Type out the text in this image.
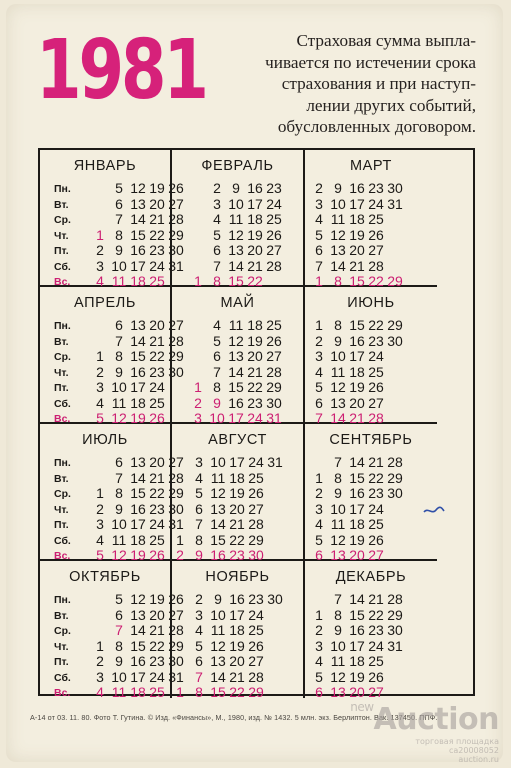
1981	Страховая сумма выпла-
чивается по истечении срока
страхования и при наступ-
лении других событий,
обусловленных договором.
ЯНВАРЬ
Пн.
Вт.
Ср.
Чт.
Пт.
Сб.
Вс.
5 12 19 26
6 13 20 27
7 14 21 28
1 8 15 22 29
2 9 16 23 30
3 10 17 24 31
4 11 18 25
ФЕВРАЛЬ
2 9 16 23
3 10 17 24
4 11 18 25
5 12 19 26
6 13 20 27
7 14 21 28
1 8 15 22
МАРТ
2 9 16 23 30
3 10 17 24 31
4 11 18 25
5 12 19 26
6 13 20 27
7 14 21 28
1 8 15 22 29
АПРЕЛЬ
Пн.
Вт.
Ср.
Чт.
Пт.
Сб.
Вс.
6 13 20 27
7 14 21 28
1 8 15 22 29
2 9 16 23 30
3 10 17 24
4 11 18 25
5 12 19 26
МАЙ
4 11 18 25
5 12 19 26
6 13 20 27
7 14 21 28
1 8 15 22 29
2 9 16 23 30
3 10 17 24 31
ИЮНЬ
1 8 15 22 29
2 9 16 23 30
3 10 17 24
4 11 18 25
5 12 19 26
6 13 20 27
7 14 21 28
ИЮЛЬ
Пн.
Вт.
Ср.
Чт.
Пт.
Сб.
Вс.
6 13 20 27
7 14 21 28
1 8 15 22 29
2 9 16 23 30
3 10 17 24 31
4 11 18 25
5 12 19 26
АВГУСТ
3 10 17 24 31
4 11 18 25
5 12 19 26
6 13 20 27
7 14 21 28
1 8 15 22 29
2 9 16 23 30
СЕНТЯБРЬ
7 14 21 28
1 8 15 22 29
2 9 16 23 30
3 10 17 24
4 11 18 25
5 12 19 26
6 13 20 27
ОКТЯБРЬ
Пн.
Вт.
Ср.
Чт.
Пт.
Сб.
Вс.
5 12 19 26
6 13 20 27
7 14 21 28
1 8 15 22 29
2 9 16 23 30
3 10 17 24 31
4 11 18 25
НОЯБРЬ
2 9 16 23 30
3 10 17 24
4 11 18 25
5 12 19 26
6 13 20 27
7 14 21 28
1 8 15 22 29
ДЕКАБРЬ
7 14 21 28
1 8 15 22 29
2 9 16 23 30
3 10 17 24 31
4 11 18 25
5 12 19 26
6 13 20 27
А-14 от 03. 11. 80. Фото Т. Гутина. © Изд. «Финансы», М., 1980, изд. № 1432. 5 млн. экз. Берлиптон. Вак. 137450. ППФ.
$^{new}$Auction
торговая площадка
са20008052
auction.ru
